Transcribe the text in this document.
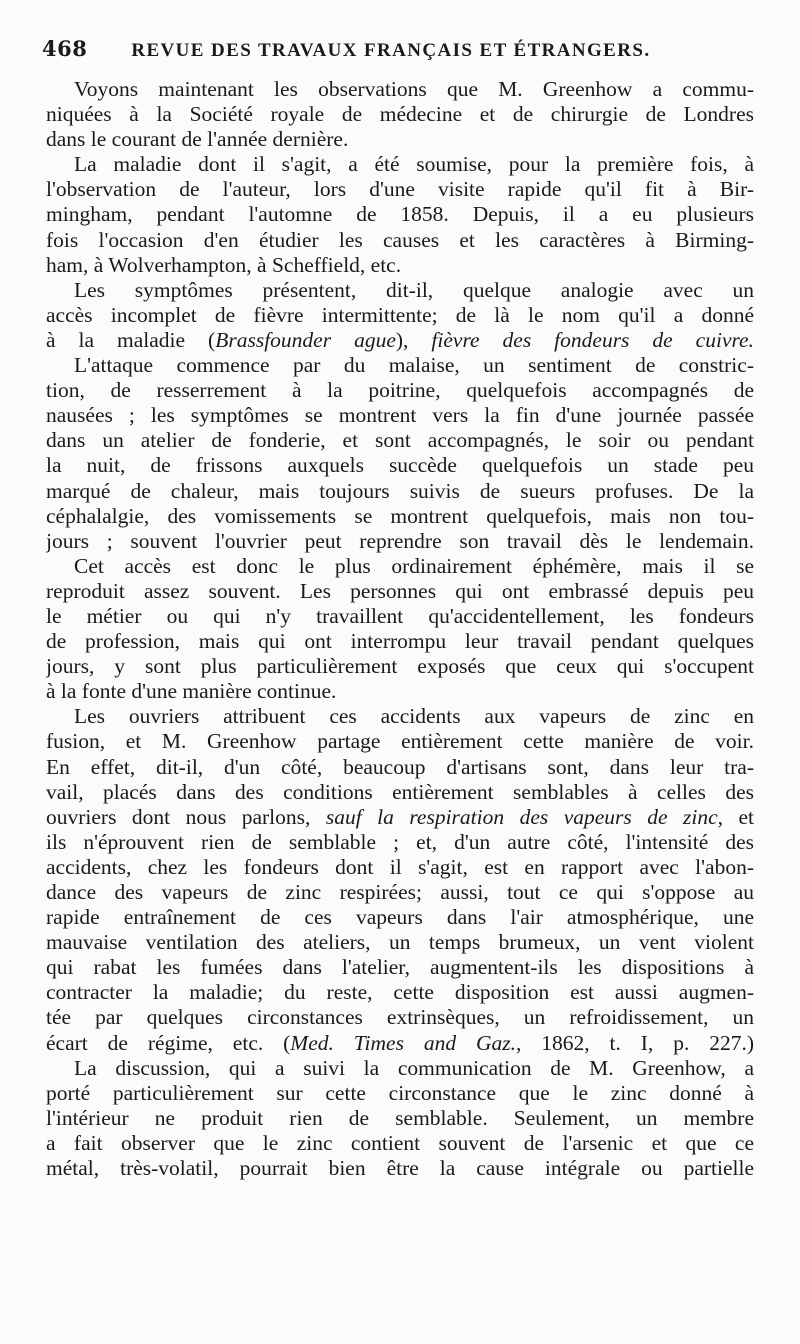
468 REVUE DES TRAVAUX FRANÇAIS ET ÉTRANGERS.
Voyons maintenant les observations que M. Greenhow a commu-
niquées à la Société royale de médecine et de chirurgie de Londres
dans le courant de l'année dernière.
La maladie dont il s'agit, a été soumise, pour la première fois, à
l'observation de l'auteur, lors d'une visite rapide qu'il fit à Bir-
mingham, pendant l'automne de 1858. Depuis, il a eu plusieurs
fois l'occasion d'en étudier les causes et les caractères à Birming-
ham, à Wolverhampton, à Scheffield, etc.
Les symptômes présentent, dit-il, quelque analogie avec un
accès incomplet de fièvre intermittente; de là le nom qu'il a donné
à la maladie (Brassfounder ague), fièvre des fondeurs de cuivre.
L'attaque commence par du malaise, un sentiment de constric-
tion, de resserrement à la poitrine, quelquefois accompagnés de
nausées ; les symptômes se montrent vers la fin d'une journée passée
dans un atelier de fonderie, et sont accompagnés, le soir ou pendant
la nuit, de frissons auxquels succède quelquefois un stade peu
marqué de chaleur, mais toujours suivis de sueurs profuses. De la
céphalalgie, des vomissements se montrent quelquefois, mais non tou-
jours ; souvent l'ouvrier peut reprendre son travail dès le lendemain.
Cet accès est donc le plus ordinairement éphémère, mais il se
reproduit assez souvent. Les personnes qui ont embrassé depuis peu
le métier ou qui n'y travaillent qu'accidentellement, les fondeurs
de profession, mais qui ont interrompu leur travail pendant quelques
jours, y sont plus particulièrement exposés que ceux qui s'occupent
à la fonte d'une manière continue.
Les ouvriers attribuent ces accidents aux vapeurs de zinc en
fusion, et M. Greenhow partage entièrement cette manière de voir.
En effet, dit-il, d'un côté, beaucoup d'artisans sont, dans leur tra-
vail, placés dans des conditions entièrement semblables à celles des
ouvriers dont nous parlons, sauf la respiration des vapeurs de zinc, et
ils n'éprouvent rien de semblable ; et, d'un autre côté, l'intensité des
accidents, chez les fondeurs dont il s'agit, est en rapport avec l'abon-
dance des vapeurs de zinc respirées; aussi, tout ce qui s'oppose au
rapide entraînement de ces vapeurs dans l'air atmosphérique, une
mauvaise ventilation des ateliers, un temps brumeux, un vent violent
qui rabat les fumées dans l'atelier, augmentent-ils les dispositions à
contracter la maladie; du reste, cette disposition est aussi augmen-
tée par quelques circonstances extrinsèques, un refroidissement, un
écart de régime, etc. (Med. Times and Gaz., 1862, t. I, p. 227.)
La discussion, qui a suivi la communication de M. Greenhow, a
porté particulièrement sur cette circonstance que le zinc donné à
l'intérieur ne produit rien de semblable. Seulement, un membre
a fait observer que le zinc contient souvent de l'arsenic et que ce
métal, très-volatil, pourrait bien être la cause intégrale ou partielle
